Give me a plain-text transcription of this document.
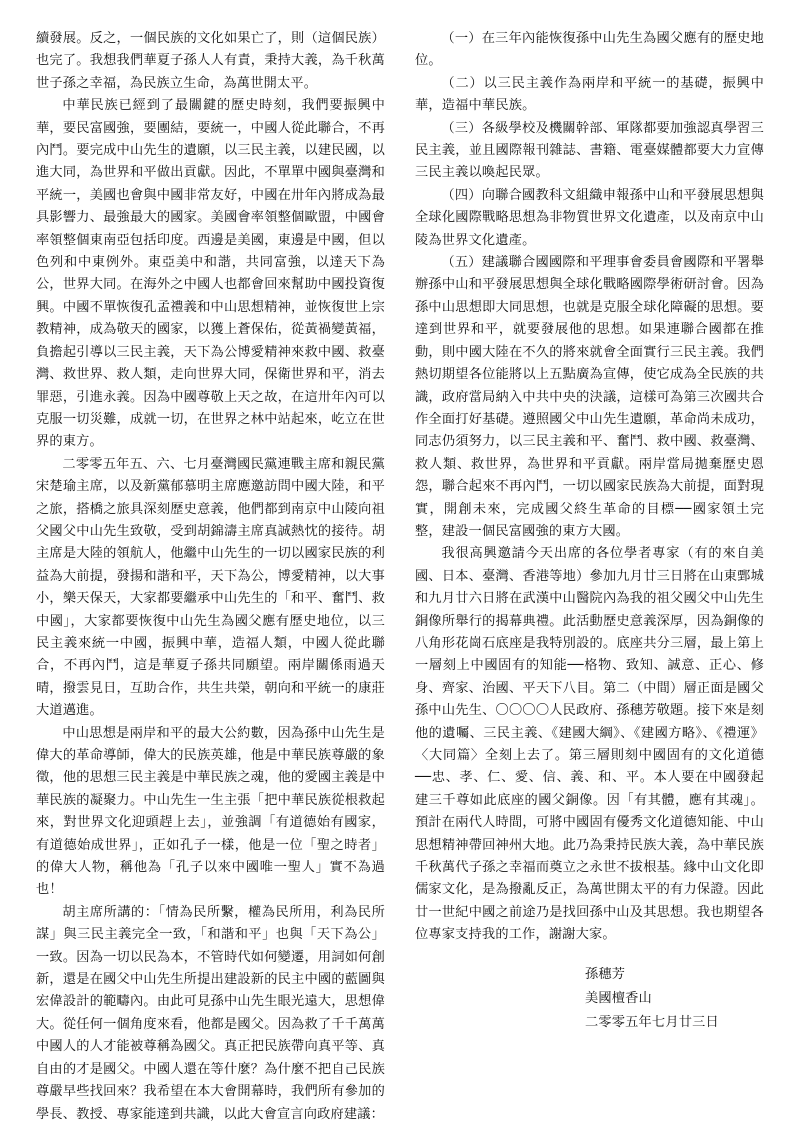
續發展。反之，一個民族的文化如果亡了，則（這個民族）也完了。我想我們華夏子孫人人有責，秉持大義，為千秋萬世子孫之幸福，為民族立生命，為萬世開太平。

中華民族已經到了最關鍵的歷史時刻，我們要振興中華，要民富國強，要團結，要統一，中國人從此聯合，不再內鬥。要完成中山先生的遺願，以三民主義，以建民國，以進大同，為世界和平做出貢獻。因此，不單單中國與臺灣和平統一，美國也會與中國非常友好，中國在卅年內將成為最具影響力、最強最大的國家。美國會率領整個歐盟，中國會率領整個東南亞包括印度。西邊是美國，東邊是中國，但以色列和中東例外。東亞美中和諧，共同富強，以達天下為公，世界大同。在海外之中國人也都會回來幫助中國投資復興。中國不單恢復孔孟禮義和中山思想精神，並恢復世上宗教精神，成為敬天的國家，以獲上蒼保佑，從黃禍變黃福，負擔起引導以三民主義，天下為公博愛精神來救中國、救臺灣、救世界、救人類，走向世界大同，保衛世界和平，消去罪惡，引進永義。因為中國尊敬上天之故，在這卅年內可以克服一切災難，成就一切，在世界之林中站起來，屹立在世界的東方。

二零零五年五、六、七月臺灣國民黨連戰主席和親民黨宋楚瑜主席，以及新黨郁慕明主席應邀訪問中國大陸，和平之旅，搭橋之旅具深刻歷史意義，他們都到南京中山陵向祖父國父中山先生致敬，受到胡錦濤主席真誠熱忱的接待。胡主席是大陸的領航人，他繼中山先生的一切以國家民族的利益為大前提，發揚和諧和平，天下為公，博愛精神，以大事小，樂天保天，大家都要繼承中山先生的「和平、奮鬥、救中國」，大家都要恢復中山先生為國父應有歷史地位，以三民主義來統一中國，振興中華，造福人類，中國人從此聯合，不再內鬥，這是華夏子孫共同願望。兩岸關係雨過天晴，撥雲見日，互助合作，共生共榮，朝向和平統一的康莊大道邁進。

中山思想是兩岸和平的最大公約數，因為孫中山先生是偉大的革命導師，偉大的民族英雄，他是中華民族尊嚴的象徵，他的思想三民主義是中華民族之魂，他的愛國主義是中華民族的凝聚力。中山先生一生主張「把中華民族從根救起來，對世界文化迎頭趕上去」，並強調「有道德始有國家，有道德始成世界」，正如孔子一樣，他是一位「聖之時者」的偉大人物，稱他為「孔子以來中國唯一聖人」實不為過也！

胡主席所講的：「情為民所繫，權為民所用，利為民所謀」與三民主義完全一致，「和諧和平」也與「天下為公」一致。因為一切以民為本，不管時代如何變遷，用詞如何創新，還是在國父中山先生所提出建設新的民主中國的藍圖與宏偉設計的範疇內。由此可見孫中山先生眼光遠大，思想偉大。從任何一個角度來看，他都是國父。因為救了千千萬萬中國人的人才能被尊稱為國父。真正把民族帶向真平等、真自由的才是國父。中國人還在等什麼？為什麼不把自己民族尊嚴早些找回來？我希望在本大會開幕時，我們所有參加的學長、教授、專家能達到共識，以此大會宣言向政府建議：

（一）在三年內能恢復孫中山先生為國父應有的歷史地位。

（二）以三民主義作為兩岸和平統一的基礎，振興中華，造福中華民族。

（三）各級學校及機關幹部、軍隊都要加強認真學習三民主義，並且國際報刊雜誌、書籍、電臺媒體都要大力宣傳三民主義以喚起民眾。

（四）向聯合國教科文組織申報孫中山和平發展思想與全球化國際戰略思想為非物質世界文化遺產，以及南京中山陵為世界文化遺產。

（五）建議聯合國國際和平理事會委員會國際和平署舉辦孫中山和平發展思想與全球化戰略國際學術研討會。因為孫中山思想即大同思想，也就是克服全球化障礙的思想。要達到世界和平，就要發展他的思想。如果連聯合國都在推動，則中國大陸在不久的將來就會全面實行三民主義。我們熱切期望各位能將以上五點廣為宣傳，使它成為全民族的共識，政府當局納入中共中央的決議，這樣可為第三次國共合作全面打好基礎。遵照國父中山先生遺願，革命尚未成功，同志仍須努力，以三民主義和平、奮鬥、救中國、救臺灣、救人類、救世界，為世界和平貢獻。兩岸當局拋棄歷史恩怨，聯合起來不再內鬥，一切以國家民族為大前提，面對現實，開創未來，完成國父終生革命的目標──國家領土完整，建設一個民富國強的東方大國。

我很高興邀請今天出席的各位學者專家（有的來自美國、日本、臺灣、香港等地）參加九月廿三日將在山東鄄城和九月廿六日將在武漢中山醫院內為我的祖父國父中山先生銅像所舉行的揭幕典禮。此活動歷史意義深厚，因為銅像的八角形花崗石底座是我特別設的。底座共分三層，最上第上一層刻上中國固有的知能──格物、致知、誠意、正心、修身、齊家、治國、平天下八目。第二（中間）層正面是國父孫中山先生、〇〇〇〇人民政府、孫穗芳敬題。接下來是刻他的遺囑、三民主義、《建國大綱》、《建國方略》、《禮運》〈大同篇〉全刻上去了。第三層則刻中國固有的文化道德──忠、孝、仁、愛、信、義、和、平。本人要在中國發起建三千尊如此底座的國父銅像。因「有其體，應有其魂」。預計在兩代人時間，可將中國固有優秀文化道德知能、中山思想精神帶回神州大地。此乃為秉持民族大義，為中華民族千秋萬代子孫之幸福而奠立之永世不拔根基。緣中山文化即儒家文化，是為撥亂反正，為萬世開太平的有力保證。因此廿一世紀中國之前途乃是找回孫中山及其思想。我也期望各位專家支持我的工作，謝謝大家。

孫穗芳
美國檀香山
二零零五年七月廿三日
